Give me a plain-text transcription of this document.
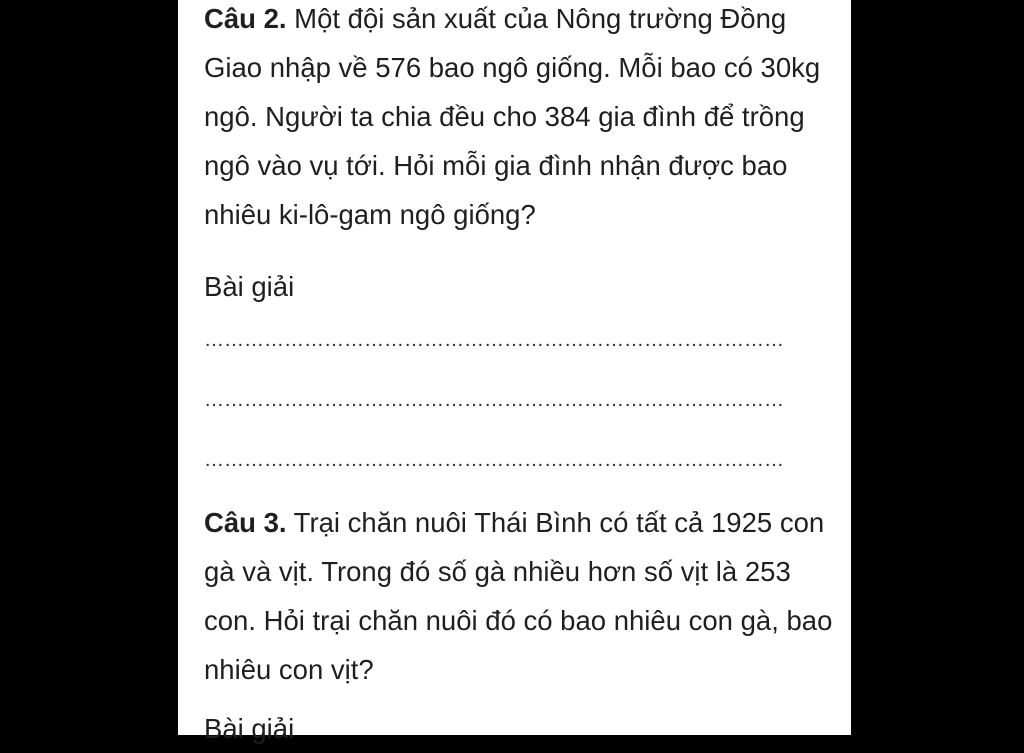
Câu 2. Một đội sản xuất của Nông trường Đồng Giao nhập về 576 bao ngô giống. Mỗi bao có 30kg ngô. Người ta chia đều cho 384 gia đình để trồng ngô vào vụ tới. Hỏi mỗi gia đình nhận được bao nhiêu ki-lô-gam ngô giống?

Bài giải
……………………………………………………………………………
……………………………………………………………………………
……………………………………………………………………………

Câu 3. Trại chăn nuôi Thái Bình có tất cả 1925 con gà và vịt. Trong đó số gà nhiều hơn số vịt là 253 con. Hỏi trại chăn nuôi đó có bao nhiêu con gà, bao nhiêu con vịt?

Bài giải
